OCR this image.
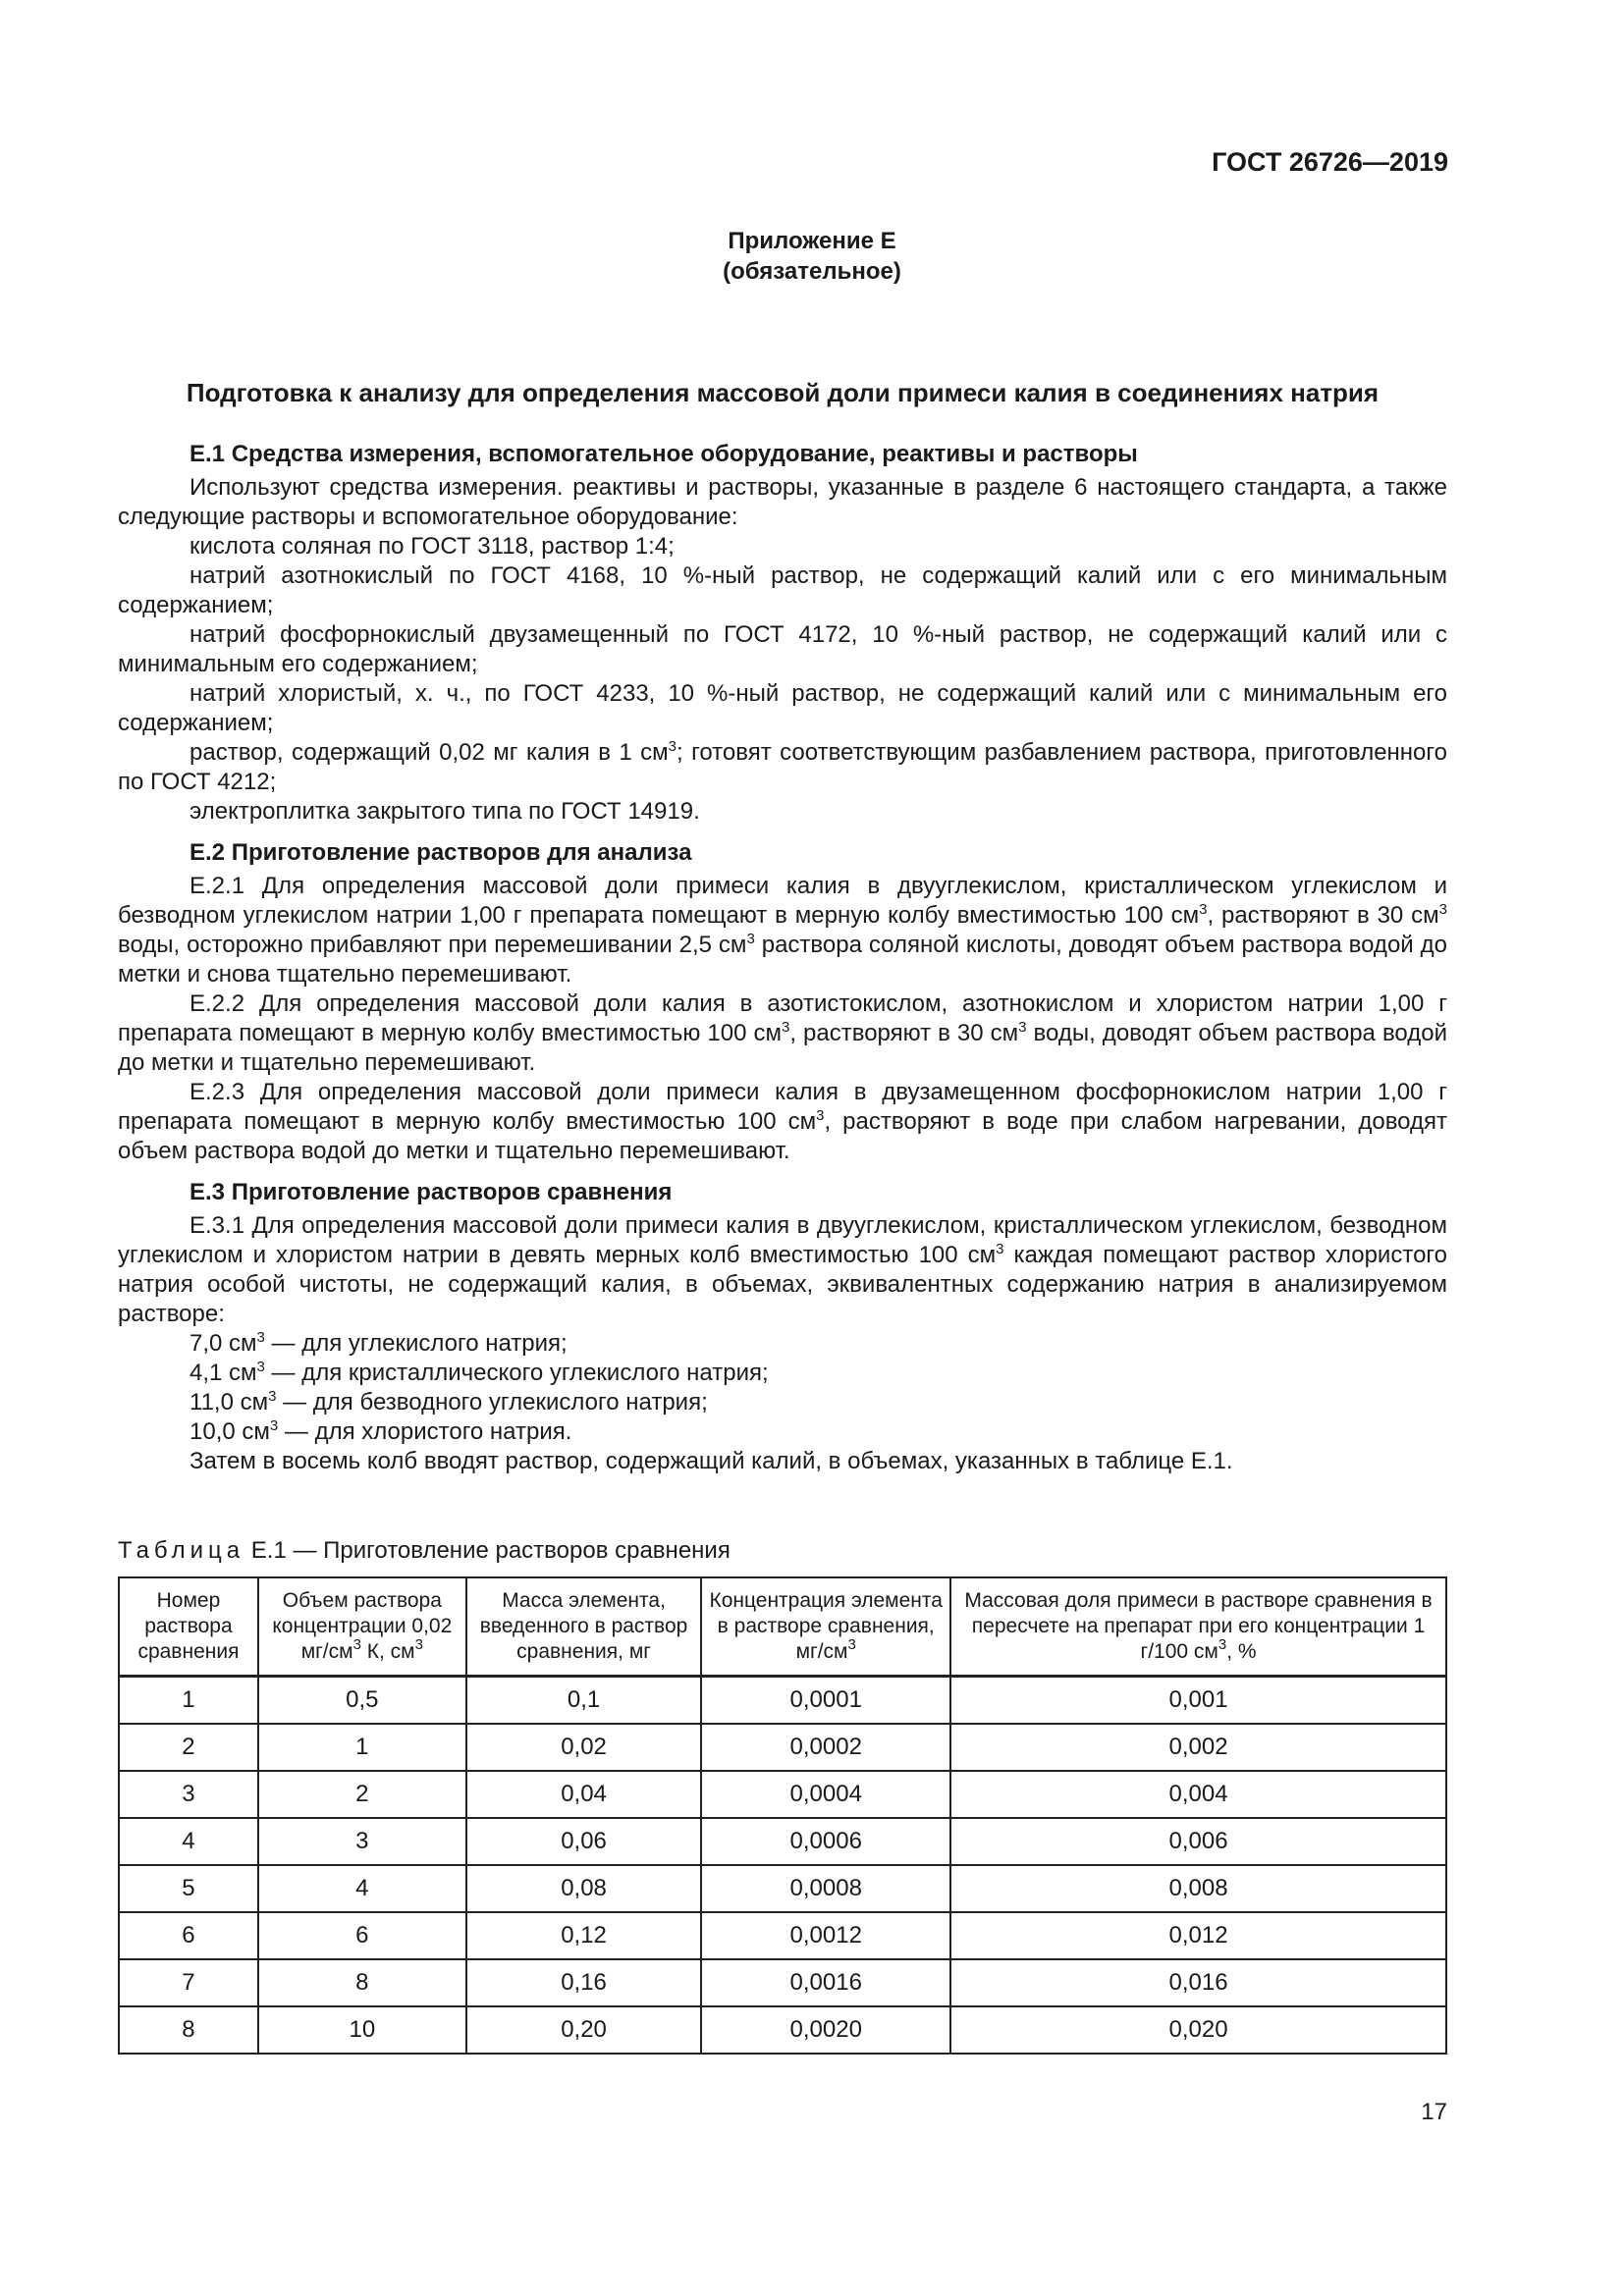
ГОСТ 26726—2019
Приложение Е
(обязательное)
Подготовка к анализу для определения массовой доли примеси калия в соединениях натрия
Е.1 Средства измерения, вспомогательное оборудование, реактивы и растворы

Используют средства измерения. реактивы и растворы, указанные в разделе 6 настоящего стандарта, а также следующие растворы и вспомогательное оборудование:

кислота соляная по ГОСТ 3118, раствор 1:4;

натрий азотнокислый по ГОСТ 4168, 10 %-ный раствор, не содержащий калий или с его минимальным содержанием;

натрий фосфорнокислый двузамещенный по ГОСТ 4172, 10 %-ный раствор, не содержащий калий или с минимальным его содержанием;

натрий хлористый, х. ч., по ГОСТ 4233, 10 %-ный раствор, не содержащий калий или с минимальным его содержанием;

раствор, содержащий 0,02 мг калия в 1 $см^3$; готовят соответствующим разбавлением раствора, приготовленного по ГОСТ 4212;

электроплитка закрытого типа по ГОСТ 14919.

Е.2 Приготовление растворов для анализа

Е.2.1 Для определения массовой доли примеси калия в двууглекислом, кристаллическом углекислом и безводном углекислом натрии 1,00 г препарата помещают в мерную колбу вместимостью 100 $см^3$, растворяют в 30 $см^3$ воды, осторожно прибавляют при перемешивании 2,5 $см^3$ раствора соляной кислоты, доводят объем раствора водой до метки и снова тщательно перемешивают.

Е.2.2 Для определения массовой доли калия в азотистокислом, азотнокислом и хлористом натрии 1,00 г препарата помещают в мерную колбу вместимостью 100 $см^3$, растворяют в 30 $см^3$ воды, доводят объем раствора водой до метки и тщательно перемешивают.

Е.2.3 Для определения массовой доли примеси калия в двузамещенном фосфорнокислом натрии 1,00 г препарата помещают в мерную колбу вместимостью 100 $см^3$, растворяют в воде при слабом нагревании, доводят объем раствора водой до метки и тщательно перемешивают.

Е.3 Приготовление растворов сравнения

Е.3.1 Для определения массовой доли примеси калия в двууглекислом, кристаллическом углекислом, безводном углекислом и хлористом натрии в девять мерных колб вместимостью 100 $см^3$ каждая помещают раствор хлористого натрия особой чистоты, не содержащий калия, в объемах, эквивалентных содержанию натрия в анализируемом растворе:

7,0 $см^3$ — для углекислого натрия;

4,1 $см^3$ — для кристаллического углекислого натрия;

11,0 $см^3$ — для безводного углекислого натрия;

10,0 $см^3$ — для хлористого натрия.

Затем в восемь колб вводят раствор, содержащий калий, в объемах, указанных в таблице Е.1.

Таблица Е.1 — Приготовление растворов сравнения
Номер раствора сравнения	Объем раствора концентрации 0,02 $мг/см^3$ К, $см^3$	Масса элемента, введенного в раствор сравнения, мг	Концентрация элемента в растворе сравнения, $мг/см^3$	Массовая доля примеси в растворе сравнения в пересчете на препарат при его концентрации 1 г/100 $см^3$, %
1	0,5	0,1	0,0001	0,001
2	1	0,02	0,0002	0,002
3	2	0,04	0,0004	0,004
4	3	0,06	0,0006	0,006
5	4	0,08	0,0008	0,008
6	6	0,12	0,0012	0,012
7	8	0,16	0,0016	0,016
8	10	0,20	0,0020	0,020
17
